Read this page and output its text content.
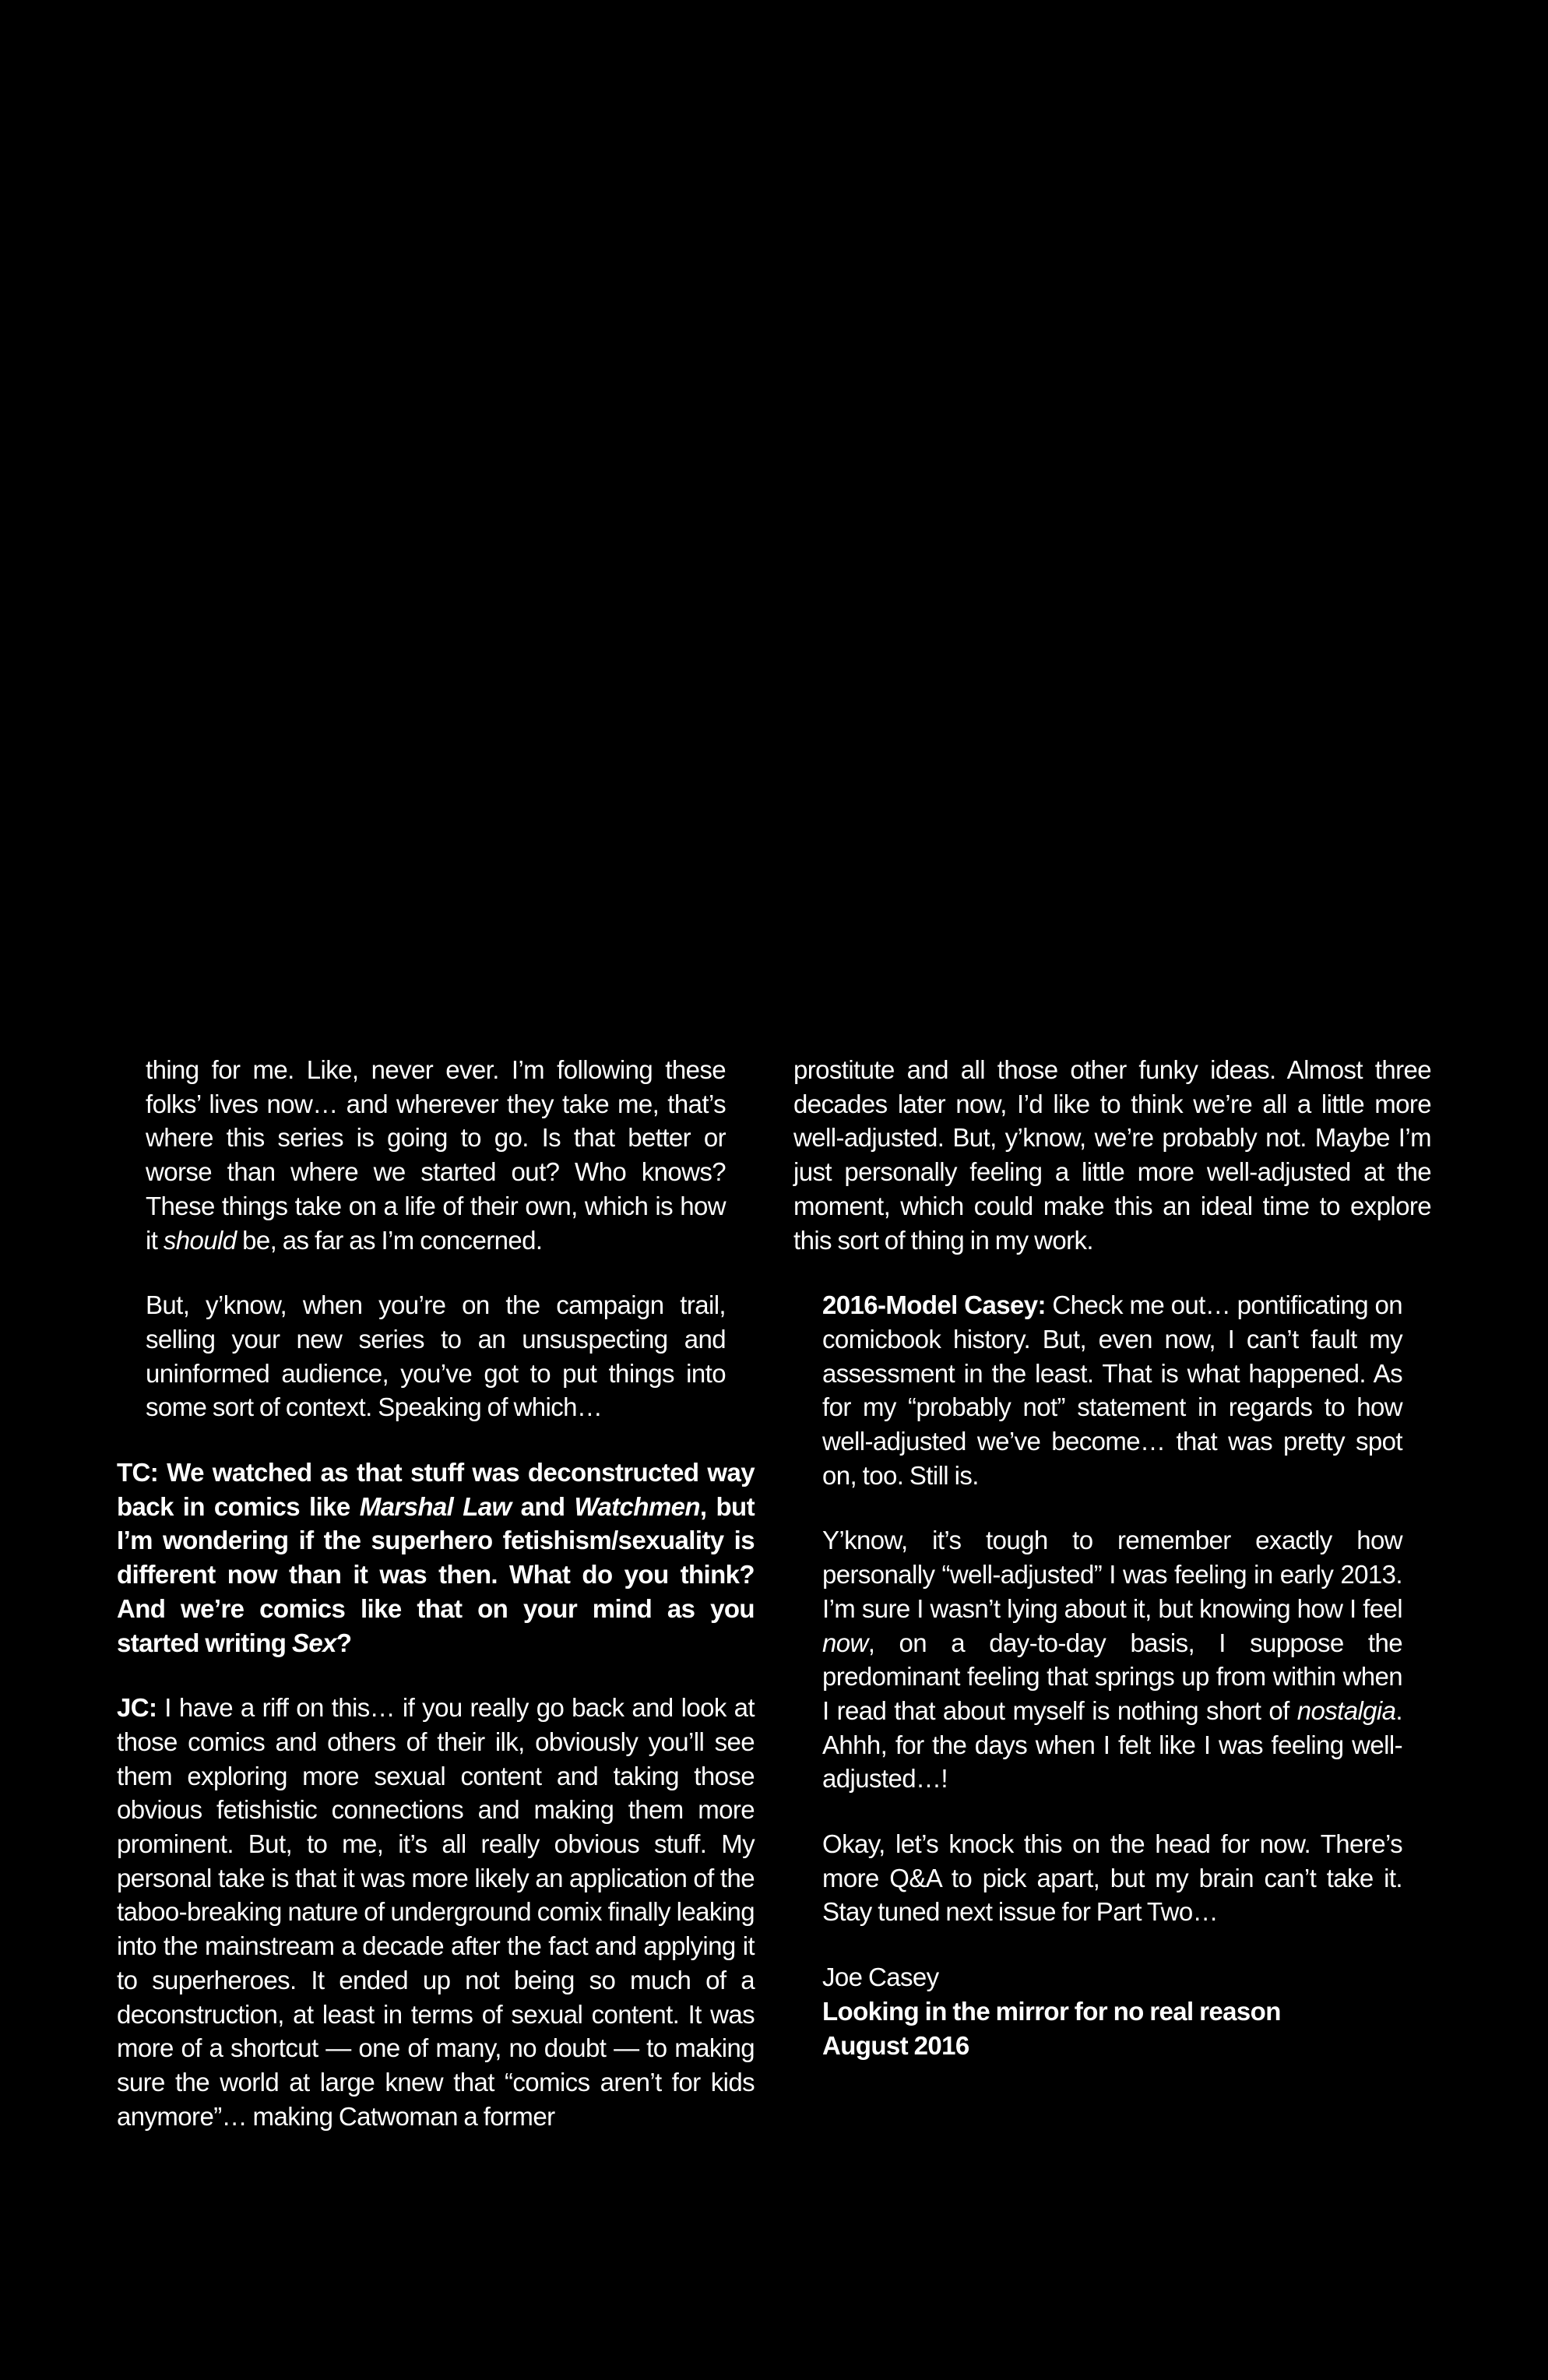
thing for me. Like, never ever. I’m following these folks’ lives now… and wherever they take me, that’s where this series is going to go. Is that better or worse than where we started out? Who knows? These things take on a life of their own, which is how it should be, as far as I’m concerned.

But, y’know, when you’re on the campaign trail, selling your new series to an unsuspecting and uninformed audience, you’ve got to put things into some sort of context. Speaking of which…

TC: We watched as that stuff was deconstructed way back in comics like Marshal Law and Watchmen, but I’m wondering if the superhero fetishism/sexuality is different now than it was then. What do you think? And we’re comics like that on your mind as you started writing Sex?

JC: I have a riff on this… if you really go back and look at those comics and others of their ilk, obviously you’ll see them exploring more sexual content and taking those obvious fetishistic connections and making them more prominent. But, to me, it’s all really obvious stuff. My personal take is that it was more likely an application of the taboo-breaking nature of underground comix finally leaking into the mainstream a decade after the fact and applying it to superheroes. It ended up not being so much of a deconstruction, at least in terms of sexual content. It was more of a shortcut — one of many, no doubt — to making sure the world at large knew that “comics aren’t for kids anymore”… making Catwoman a former

prostitute and all those other funky ideas. Almost three decades later now, I’d like to think we’re all a little more well-adjusted. But, y’know, we’re probably not. Maybe I’m just personally feeling a little more well-adjusted at the moment, which could make this an ideal time to explore this sort of thing in my work.

2016-Model Casey: Check me out… pontificating on comicbook history. But, even now, I can’t fault my assessment in the least. That is what happened. As for my “probably not” statement in regards to how well-adjusted we’ve become… that was pretty spot on, too. Still is.

Y’know, it’s tough to remember exactly how personally “well-adjusted” I was feeling in early 2013. I’m sure I wasn’t lying about it, but knowing how I feel now, on a day-to-day basis, I suppose the predominant feeling that springs up from within when I read that about myself is nothing short of nostalgia. Ahhh, for the days when I felt like I was feeling well-adjusted…!

Okay, let’s knock this on the head for now. There’s more Q&A to pick apart, but my brain can’t take it. Stay tuned next issue for Part Two…

Joe Casey
Looking in the mirror for no real reason
August 2016
